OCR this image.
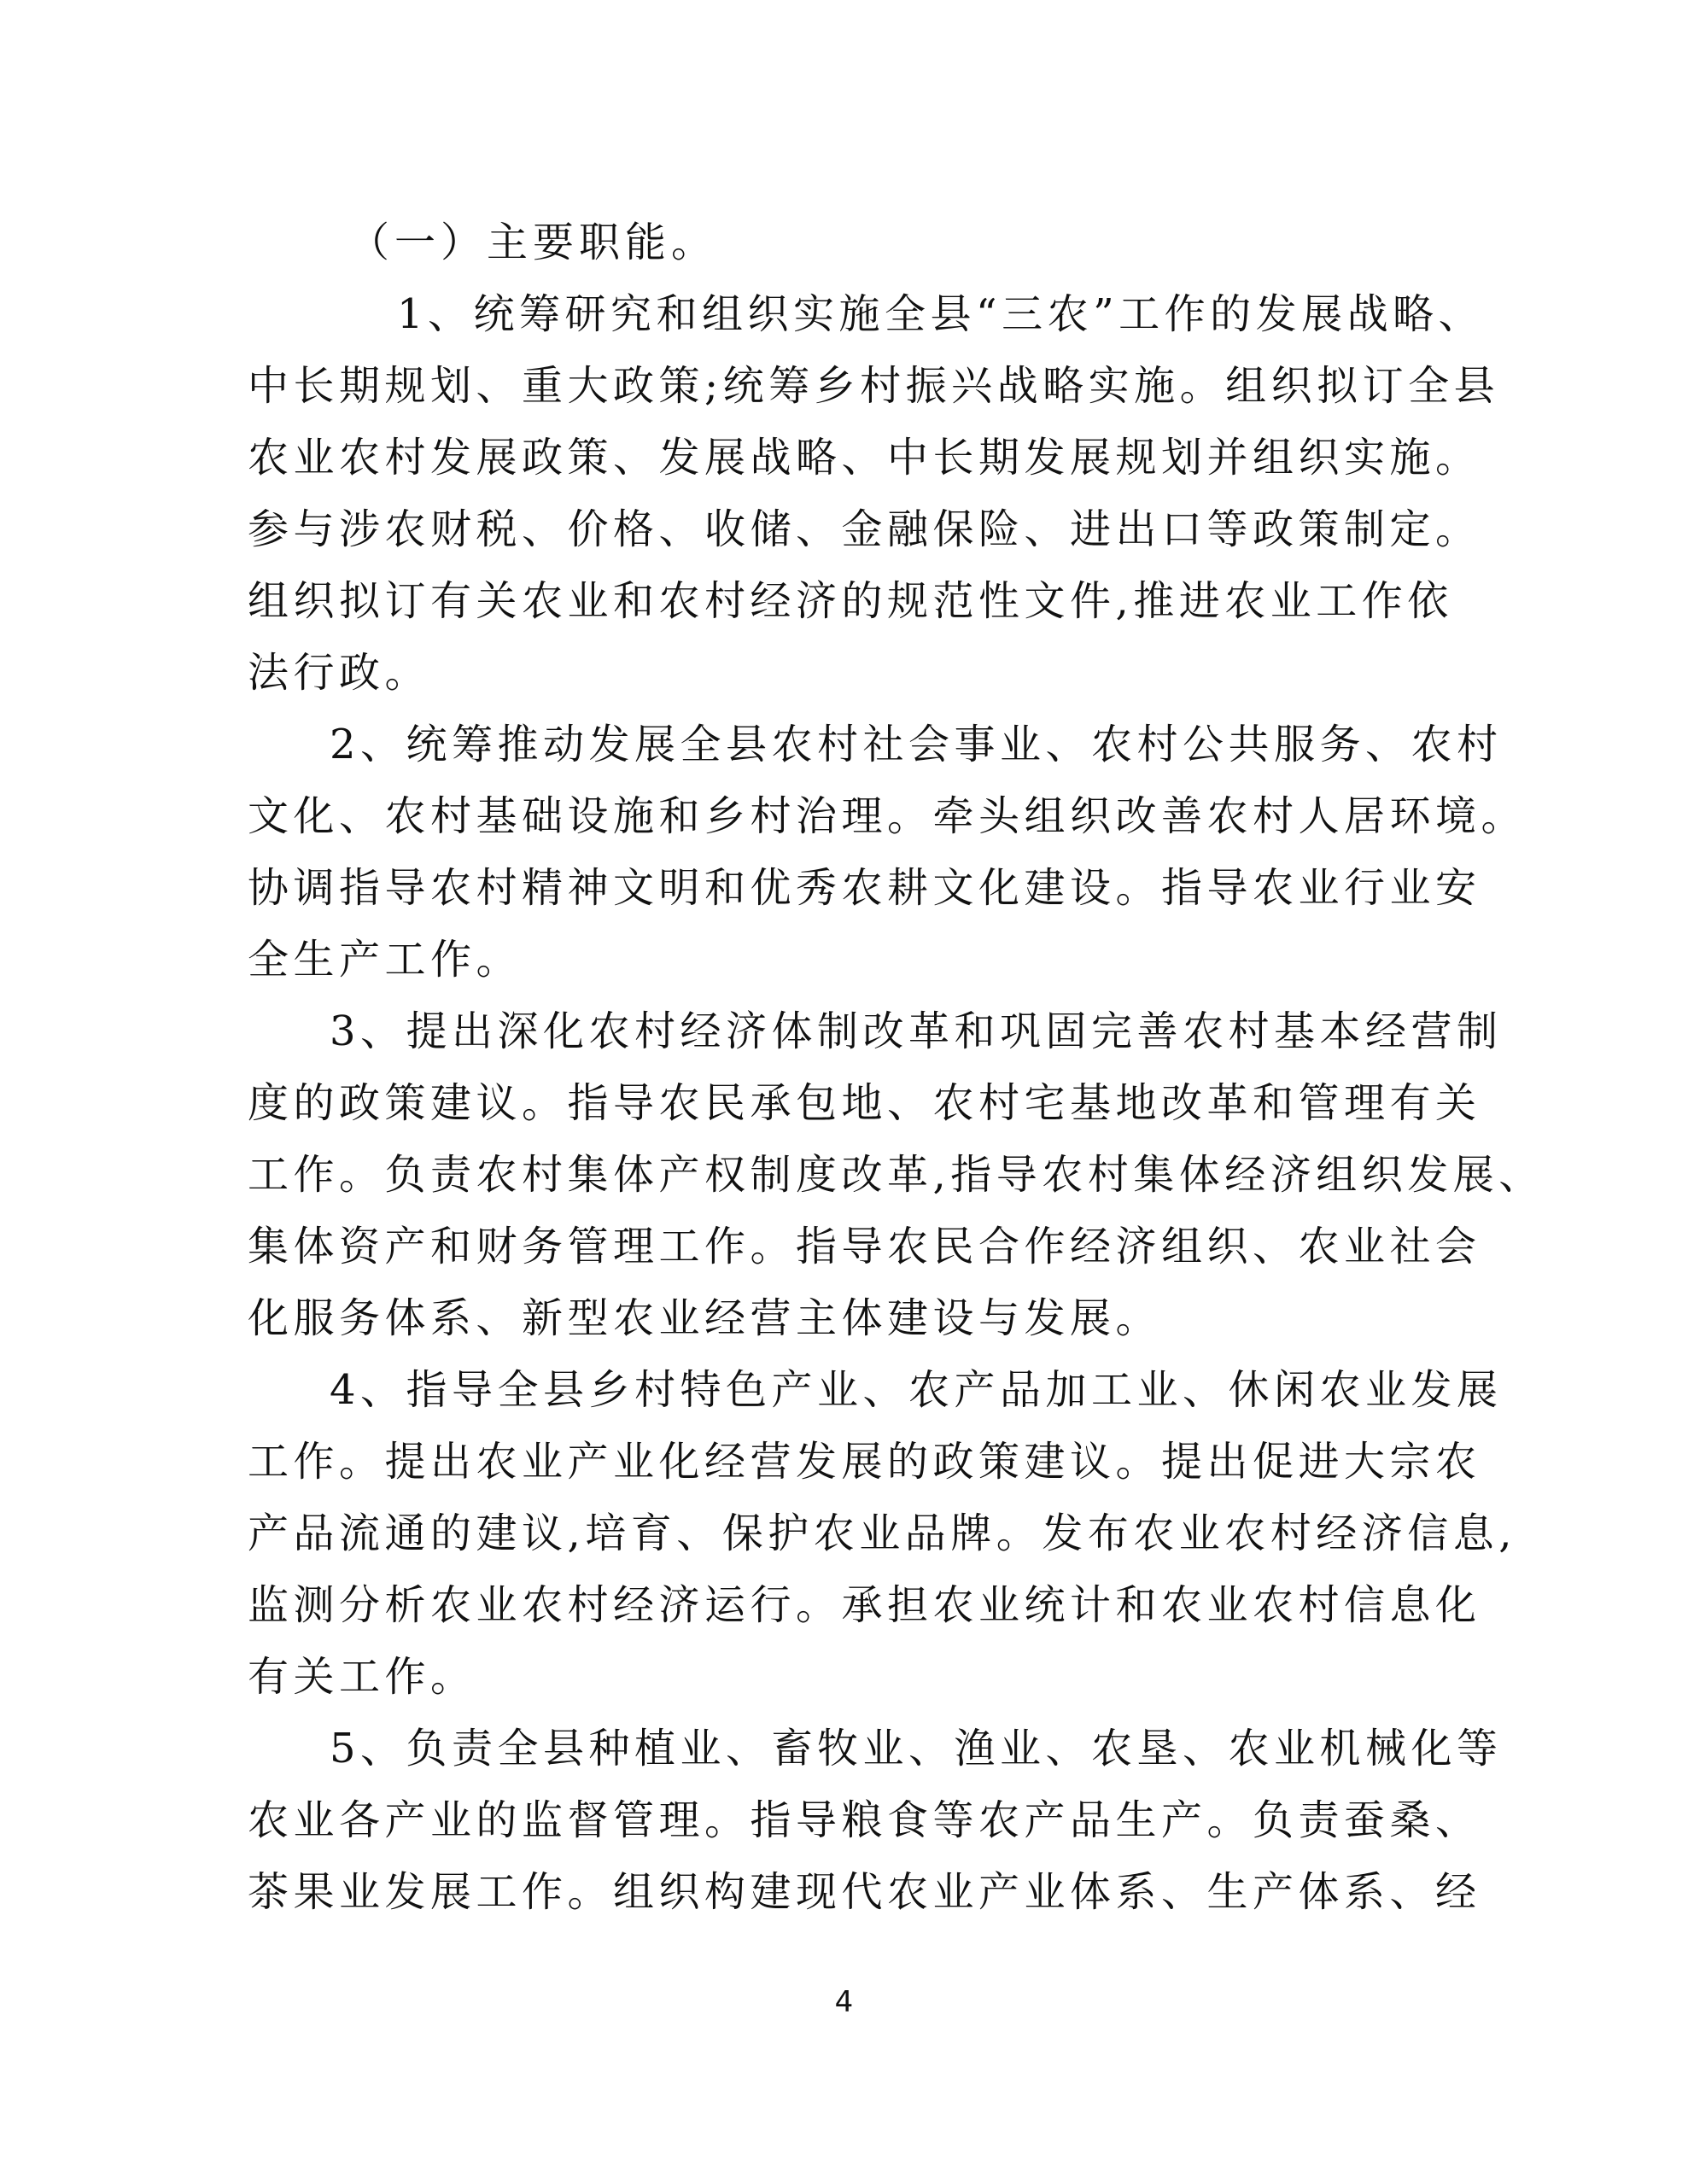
（一）主要职能。
1、统筹研究和组织实施全县“三农”工作的发展战略、
中长期规划、重大政策;统筹乡村振兴战略实施。组织拟订全县
农业农村发展政策、发展战略、中长期发展规划并组织实施。
参与涉农财税、价格、收储、金融保险、进出口等政策制定。
组织拟订有关农业和农村经济的规范性文件,推进农业工作依
法行政。
2、统筹推动发展全县农村社会事业、农村公共服务、农村
文化、农村基础设施和乡村治理。牵头组织改善农村人居环境。
协调指导农村精神文明和优秀农耕文化建设。指导农业行业安
全生产工作。
3、提出深化农村经济体制改革和巩固完善农村基本经营制
度的政策建议。指导农民承包地、农村宅基地改革和管理有关
工作。负责农村集体产权制度改革,指导农村集体经济组织发展、
集体资产和财务管理工作。指导农民合作经济组织、农业社会
化服务体系、新型农业经营主体建设与发展。
4、指导全县乡村特色产业、农产品加工业、休闲农业发展
工作。提出农业产业化经营发展的政策建议。提出促进大宗农
产品流通的建议,培育、保护农业品牌。发布农业农村经济信息,
监测分析农业农村经济运行。承担农业统计和农业农村信息化
有关工作。
5、负责全县种植业、畜牧业、渔业、农垦、农业机械化等
农业各产业的监督管理。指导粮食等农产品生产。负责蚕桑、
茶果业发展工作。组织构建现代农业产业体系、生产体系、经
4
